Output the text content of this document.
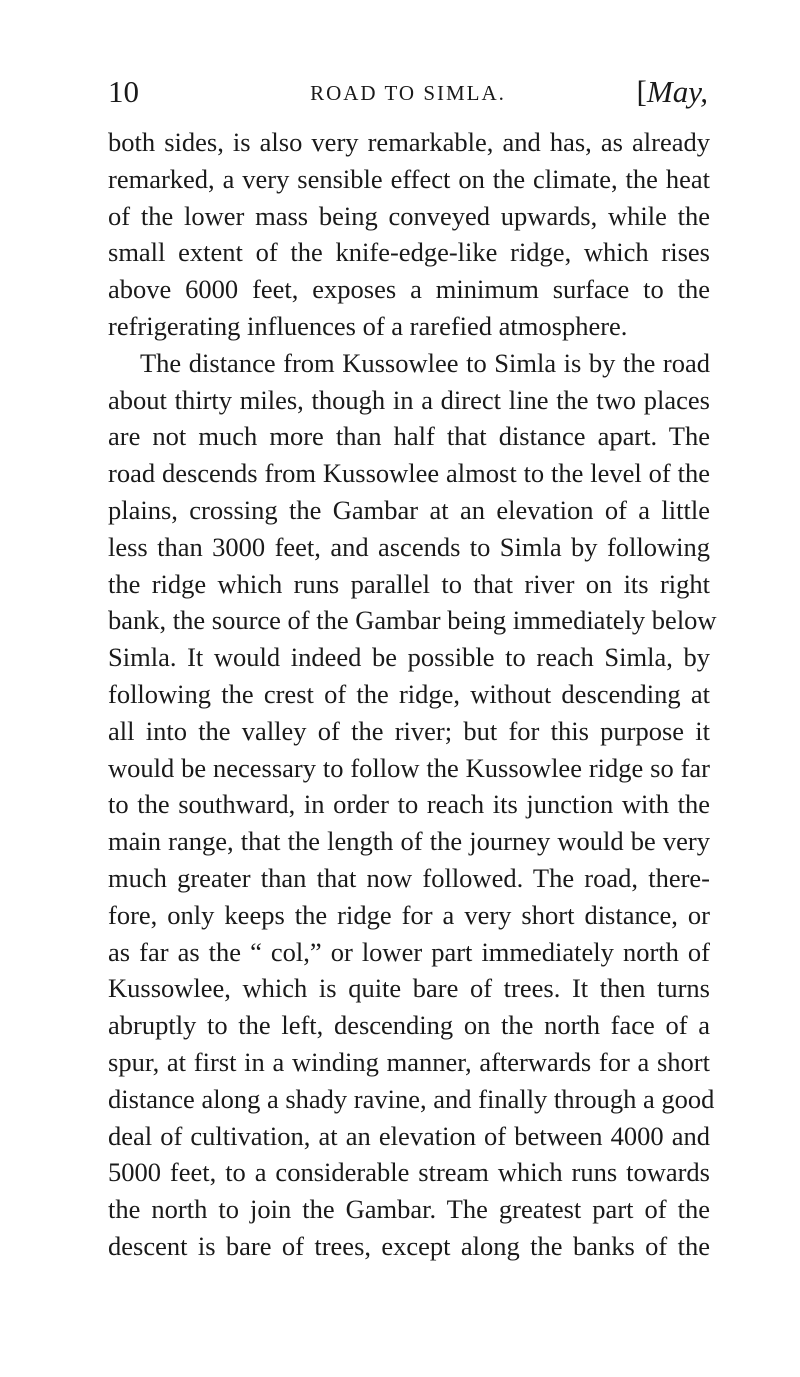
10	ROAD TO SIMLA.	[May,
both sides, is also very remarkable, and has, as already
remarked, a very sensible effect on the climate, the heat
of the lower mass being conveyed upwards, while the
small extent of the knife-edge-like ridge, which rises
above 6000 feet, exposes a minimum surface to the
refrigerating influences of a rarefied atmosphere.
The distance from Kussowlee to Simla is by the road
about thirty miles, though in a direct line the two places
are not much more than half that distance apart. The
road descends from Kussowlee almost to the level of the
plains, crossing the Gambar at an elevation of a little
less than 3000 feet, and ascends to Simla by following
the ridge which runs parallel to that river on its right
bank, the source of the Gambar being immediately below
Simla. It would indeed be possible to reach Simla, by
following the crest of the ridge, without descending at
all into the valley of the river; but for this purpose it
would be necessary to follow the Kussowlee ridge so far
to the southward, in order to reach its junction with the
main range, that the length of the journey would be very
much greater than that now followed. The road, there-
fore, only keeps the ridge for a very short distance, or
as far as the “ col,” or lower part immediately north of
Kussowlee, which is quite bare of trees. It then turns
abruptly to the left, descending on the north face of a
spur, at first in a winding manner, afterwards for a short
distance along a shady ravine, and finally through a good
deal of cultivation, at an elevation of between 4000 and
5000 feet, to a considerable stream which runs towards
the north to join the Gambar. The greatest part of the
descent is bare of trees, except along the banks of the
